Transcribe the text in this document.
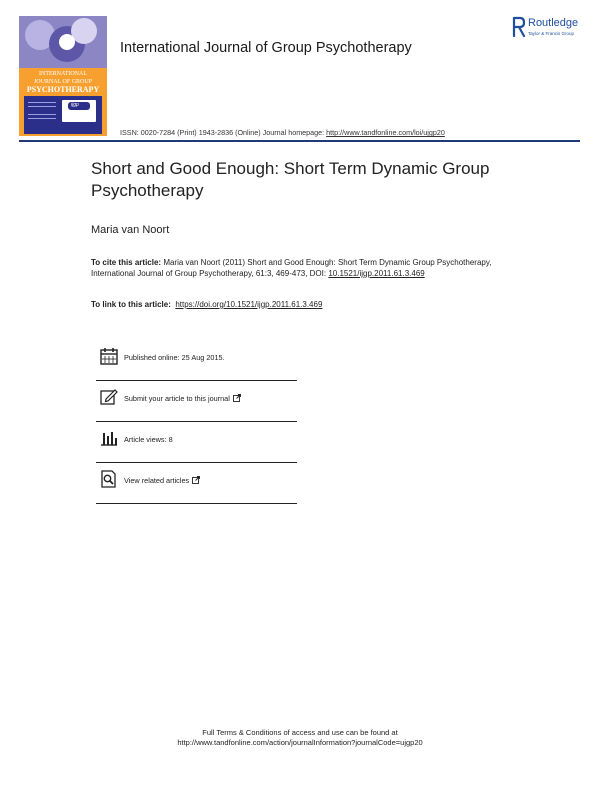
INTERNATIONAL
JOURNAL OF GROUP
PSYCHOTHERAPY
ijgp
International Journal of Group Psychotherapy
Routledge
Taylor & Francis Group
ISSN: 0020-7284 (Print) 1943-2836 (Online) Journal homepage: http://www.tandfonline.com/loi/ujgp20
Short and Good Enough: Short Term Dynamic Group Psychotherapy
Maria van Noort
To cite this article: Maria van Noort (2011) Short and Good Enough: Short Term Dynamic Group Psychotherapy, International Journal of Group Psychotherapy, 61:3, 469-473, DOI: 10.1521/ijgp.2011.61.3.469
To link to this article: https://doi.org/10.1521/ijgp.2011.61.3.469
Published online: 25 Aug 2015.
Submit your article to this journal
Article views: 8
View related articles
Full Terms & Conditions of access and use can be found at
http://www.tandfonline.com/action/journalInformation?journalCode=ujgp20
